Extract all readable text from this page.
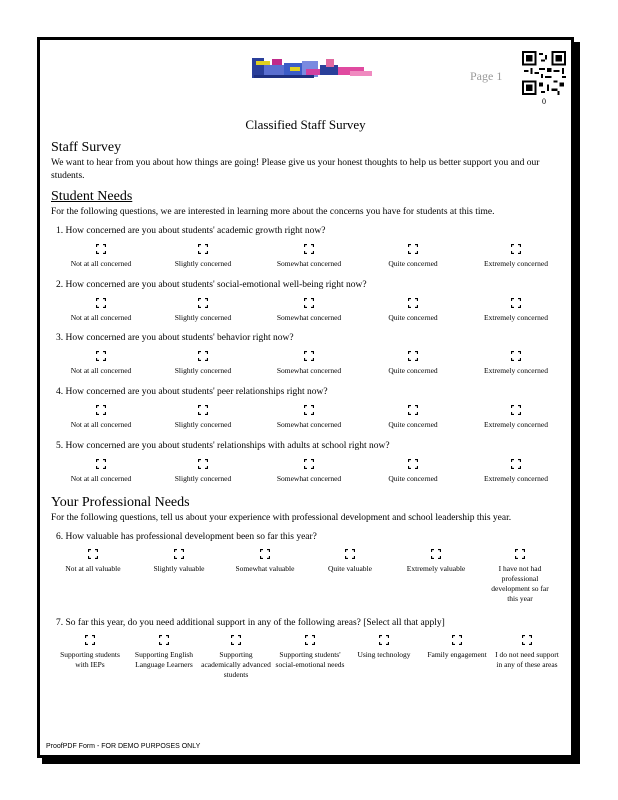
Page 1
0
Classified Staff Survey
Staff Survey
We want to hear from you about how things are going! Please give us your honest thoughts to help us better support you and our students.
Student Needs
For the following questions, we are interested in learning more about the concerns you have for students at this time.
1. How concerned are you about students' academic growth right now?
Not at all concerned	Slightly concerned	Somewhat concerned	Quite concerned	Extremely concerned
2. How concerned are you about students' social-emotional well-being right now?
Not at all concerned	Slightly concerned	Somewhat concerned	Quite concerned	Extremely concerned
3. How concerned are you about students' behavior right now?
Not at all concerned	Slightly concerned	Somewhat concerned	Quite concerned	Extremely concerned
4. How concerned are you about students' peer relationships right now?
Not at all concerned	Slightly concerned	Somewhat concerned	Quite concerned	Extremely concerned
5. How concerned are you about students' relationships with adults at school right now?
Not at all concerned	Slightly concerned	Somewhat concerned	Quite concerned	Extremely concerned
Your Professional Needs
For the following questions, tell us about your experience with professional development and school leadership this year.
6. How valuable has professional development been so far this year?
Not at all valuable	Slightly valuable	Somewhat valuable	Quite valuable	Extremely valuable	I have not had professional development so far this year
7. So far this year, do you need additional support in any of the following areas? [Select all that apply]
Supporting students with IEPs
Supporting English Language Learners
Supporting academically advanced students
Supporting students' social-emotional needs
Using technology	Family engagement	I do not need support in any of these areas
ProofPDF Form - FOR DEMO PURPOSES ONLY
